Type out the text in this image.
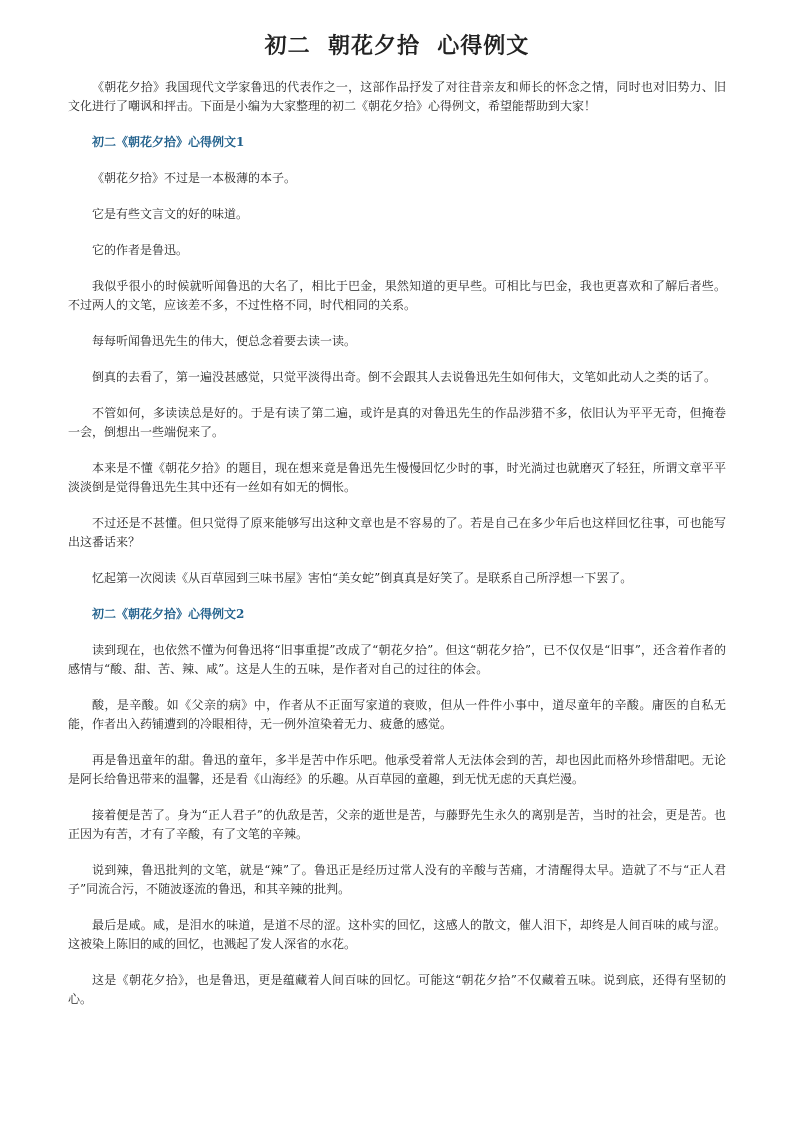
初二  朝花夕拾  心得例文

《朝花夕拾》我国现代文学家鲁迅的代表作之一，这部作品抒发了对往昔亲友和师长的怀念之情，同时也对旧势力、旧文化进行了嘲讽和抨击。下面是小编为大家整理的初二《朝花夕拾》心得例文，希望能帮助到大家！

初二《朝花夕拾》心得例文1

《朝花夕拾》不过是一本极薄的本子。

它是有些文言文的好的味道。

它的作者是鲁迅。

我似乎很小的时候就听闻鲁迅的大名了，相比于巴金，果然知道的更早些。可相比与巴金，我也更喜欢和了解后者些。不过两人的文笔，应该差不多，不过性格不同，时代相同的关系。

每每听闻鲁迅先生的伟大，便总念着要去读一读。

倒真的去看了，第一遍没甚感觉，只觉平淡得出奇。倒不会跟其人去说鲁迅先生如何伟大，文笔如此动人之类的话了。

不管如何，多读读总是好的。于是有读了第二遍，或许是真的对鲁迅先生的作品涉猎不多，依旧认为平平无奇，但掩卷一会，倒想出一些端倪来了。

本来是不懂《朝花夕拾》的题目，现在想来竟是鲁迅先生慢慢回忆少时的事，时光淌过也就磨灭了轻狂，所谓文章平平淡淡倒是觉得鲁迅先生其中还有一丝如有如无的惆怅。

不过还是不甚懂。但只觉得了原来能够写出这种文章也是不容易的了。若是自己在多少年后也这样回忆往事，可也能写出这番话来？

忆起第一次阅读《从百草园到三味书屋》害怕“美女蛇”倒真真是好笑了。是联系自己所浮想一下罢了。

初二《朝花夕拾》心得例文2

读到现在，也依然不懂为何鲁迅将“旧事重提”改成了“朝花夕拾”。但这“朝花夕拾”，已不仅仅是“旧事”，还含着作者的感情与“酸、甜、苦、辣、咸”。这是人生的五味，是作者对自己的过往的体会。

酸，是辛酸。如《父亲的病》中，作者从不正面写家道的衰败，但从一件件小事中，道尽童年的辛酸。庸医的自私无能，作者出入药铺遭到的冷眼相待，无一例外渲染着无力、疲惫的感觉。

再是鲁迅童年的甜。鲁迅的童年，多半是苦中作乐吧。他承受着常人无法体会到的苦，却也因此而格外珍惜甜吧。无论是阿长给鲁迅带来的温馨，还是看《山海经》的乐趣。从百草园的童趣，到无忧无虑的天真烂漫。

接着便是苦了。身为“正人君子”的仇敌是苦，父亲的逝世是苦，与藤野先生永久的离别是苦，当时的社会，更是苦。也正因为有苦，才有了辛酸，有了文笔的辛辣。

说到辣，鲁迅批判的文笔，就是“辣”了。鲁迅正是经历过常人没有的辛酸与苦痛，才清醒得太早。造就了不与“正人君子”同流合污，不随波逐流的鲁迅，和其辛辣的批判。

最后是咸。咸，是泪水的味道，是道不尽的涩。这朴实的回忆，这感人的散文，催人泪下，却终是人间百味的咸与涩。这被染上陈旧的咸的回忆，也溅起了发人深省的水花。

这是《朝花夕拾》，也是鲁迅，更是蕴藏着人间百味的回忆。可能这“朝花夕拾”不仅藏着五味。说到底，还得有坚韧的心。
